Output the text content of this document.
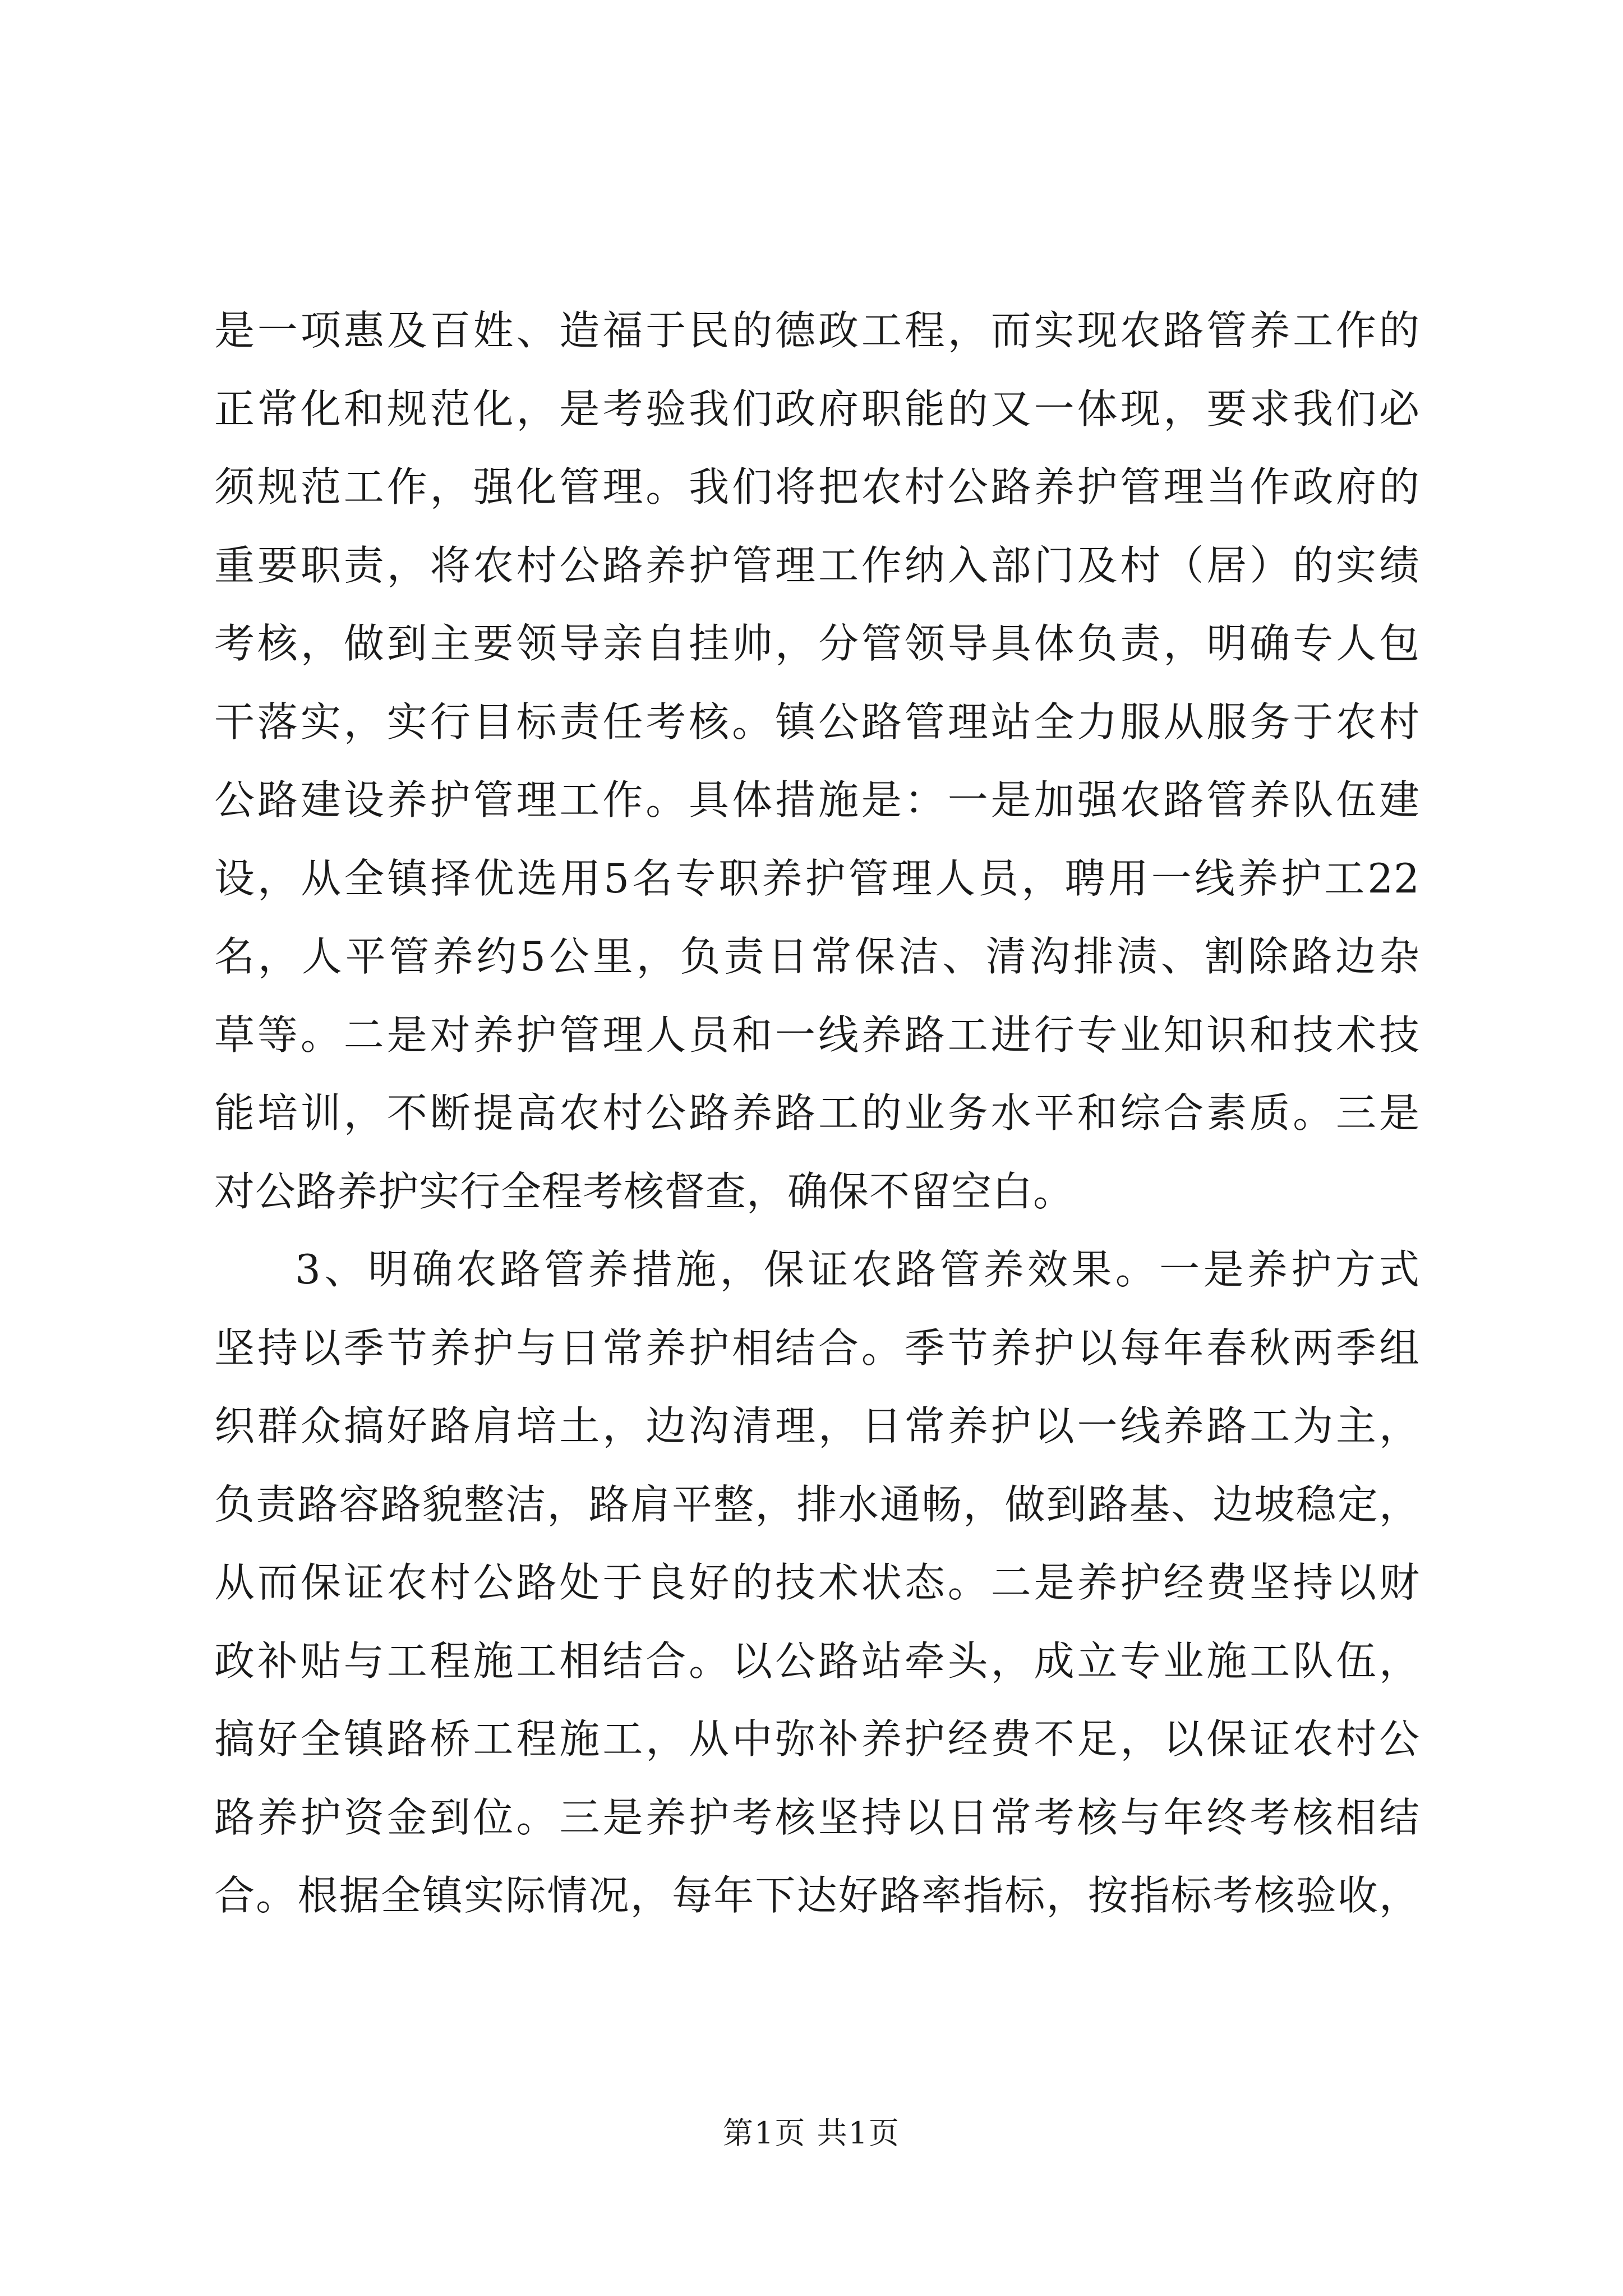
是一项惠及百姓、造福于民的德政工程，而实现农路管养工作的
正常化和规范化，是考验我们政府职能的又一体现，要求我们必
须规范工作，强化管理。我们将把农村公路养护管理当作政府的
重要职责，将农村公路养护管理工作纳入部门及村（居）的实绩
考核，做到主要领导亲自挂帅，分管领导具体负责，明确专人包
干落实，实行目标责任考核。镇公路管理站全力服从服务于农村
公路建设养护管理工作。具体措施是：一是加强农路管养队伍建
设，从全镇择优选用5名专职养护管理人员，聘用一线养护工22
名，人平管养约5公里，负责日常保洁、清沟排渍、割除路边杂
草等。二是对养护管理人员和一线养路工进行专业知识和技术技
能培训，不断提高农村公路养路工的业务水平和综合素质。三是
对公路养护实行全程考核督查，确保不留空白。
3、明确农路管养措施，保证农路管养效果。一是养护方式
坚持以季节养护与日常养护相结合。季节养护以每年春秋两季组
织群众搞好路肩培土，边沟清理，日常养护以一线养路工为主，
负责路容路貌整洁，路肩平整，排水通畅，做到路基、边坡稳定，
从而保证农村公路处于良好的技术状态。二是养护经费坚持以财
政补贴与工程施工相结合。以公路站牵头，成立专业施工队伍，
搞好全镇路桥工程施工，从中弥补养护经费不足，以保证农村公
路养护资金到位。三是养护考核坚持以日常考核与年终考核相结
合。根据全镇实际情况，每年下达好路率指标，按指标考核验收，
第1页 共1页
